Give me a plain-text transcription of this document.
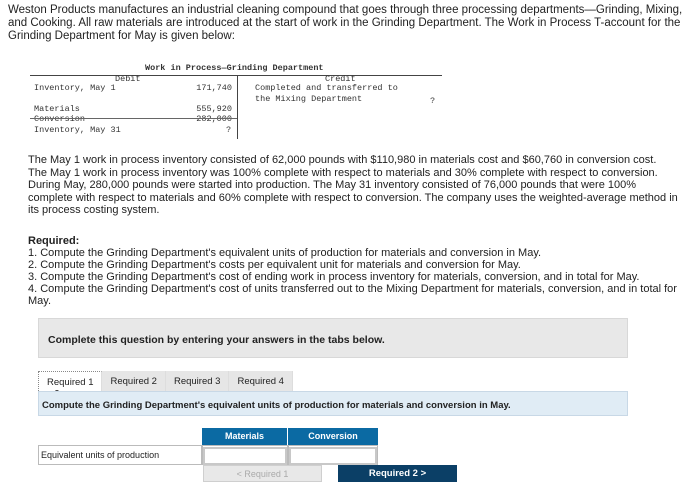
Weston Products manufactures an industrial cleaning compound that goes through three processing departments—Grinding, Mixing, and Cooking. All raw materials are introduced at the start of work in the Grinding Department. The Work in Process T-account for the Grinding Department for May is given below:
Work in Process—Grinding Department
Debit	Credit
Inventory, May 1	171,740	Completed and transferred to
the Mixing Department	?
Materials	555,920
Conversion	282,000
Inventory, May 31	?
The May 1 work in process inventory consisted of 62,000 pounds with $110,980 in materials cost and $60,760 in conversion cost. The May 1 work in process inventory was 100% complete with respect to materials and 30% complete with respect to conversion. During May, 280,000 pounds were started into production. The May 31 inventory consisted of 76,000 pounds that were 100% complete with respect to materials and 60% complete with respect to conversion. The company uses the weighted-average method in its process costing system.
Required:
1. Compute the Grinding Department's equivalent units of production for materials and conversion in May.
2. Compute the Grinding Department's costs per equivalent unit for materials and conversion for May.
3. Compute the Grinding Department's cost of ending work in process inventory for materials, conversion, and in total for May.
4. Compute the Grinding Department's cost of units transferred out to the Mixing Department for materials, conversion, and in total for May.
Complete this question by entering your answers in the tabs below.
Required 1	Required 2	Required 3	Required 4
Compute the Grinding Department's equivalent units of production for materials and conversion in May.
Materials	Conversion
Equivalent units of production
< Required 1	Required 2 >
